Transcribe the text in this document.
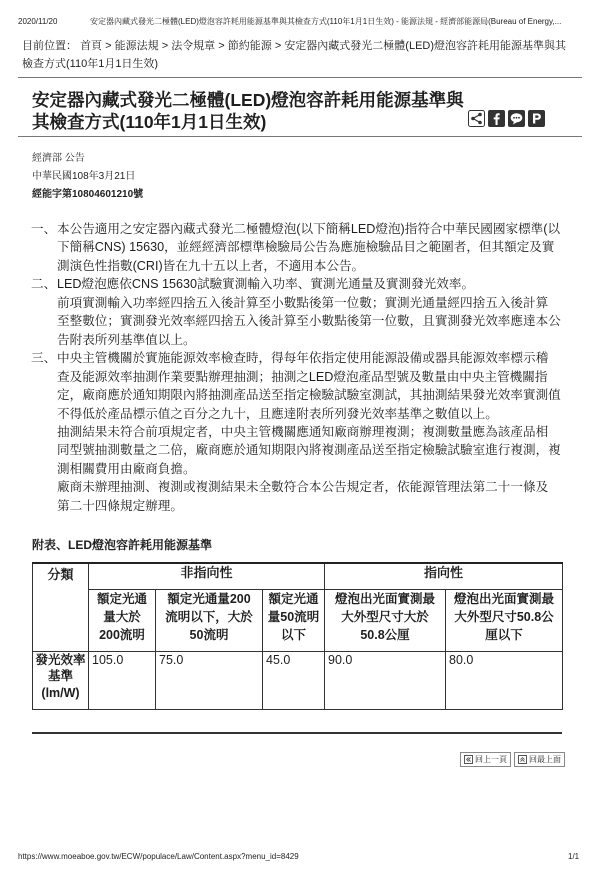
2020/11/20	安定器內藏式發光二極體(LED)燈泡容許耗用能源基準與其檢查方式(110年1月1日生效) - 能源法規 - 經濟部能源局(Bureau of Energy,...
目前位置： 首頁 > 能源法規 > 法令規章 > 節約能源 > 安定器內藏式發光二極體(LED)燈泡容許耗用能源基準與其檢查方式(110年1月1日生效)
安定器內藏式發光二極體(LED)燈泡容許耗用能源基準與其檢查方式(110年1月1日生效)
經濟部 公告
中華民國108年3月21日
經能字第10804601210號
一、 本公告適用之安定器內藏式發光二極體燈泡(以下簡稱LED燈泡)指符合中華民國國家標準(以
下簡稱CNS) 15630，並經經濟部標準檢驗局公告為應施檢驗品目之範圍者，但其額定及實
測演色性指數(CRI)皆在九十五以上者，不適用本公告。
二、 LED燈泡應依CNS 15630試驗實測輸入功率、實測光通量及實測發光效率。
前項實測輸入功率經四捨五入後計算至小數點後第一位數；實測光通量經四捨五入後計算
至整數位；實測發光效率經四捨五入後計算至小數點後第一位數，且實測發光效率應達本公
告附表所列基準值以上。
三、 中央主管機關於實施能源效率檢查時，得每年依指定使用能源設備或器具能源效率標示稽
查及能源效率抽測作業要點辦理抽測；抽測之LED燈泡產品型號及數量由中央主管機關指
定，廠商應於通知期限內將抽測產品送至指定檢驗試驗室測試，其抽測結果發光效率實測值
不得低於產品標示值之百分之九十，且應達附表所列發光效率基準之數值以上。
抽測結果未符合前項規定者，中央主管機關應通知廠商辦理複測；複測數量應為該產品相
同型號抽測數量之二倍，廠商應於通知期限內將複測產品送至指定檢驗試驗室進行複測，複
測相關費用由廠商負擔。
廠商未辦理抽測、複測或複測結果未全數符合本公告規定者，依能源管理法第二十一條及
第二十四條規定辦理。
附表、LED燈泡容許耗用能源基準
分類	非指向性			指向性	

	額定光通量大於200流明	額定光通量200流明以下，大於50流明	額定光通量50流明以下	燈泡出光面實測最大外型尺寸大於50.8公厘	燈泡出光面實測最大外型尺寸50.8公厘以下

發光效率基準(lm/W)	105.0	75.0	45.0	90.0	80.0
回上一頁	回最上面
https://www.moeaboe.gov.tw/ECW/populace/Law/Content.aspx?menu_id=8429	1/1
